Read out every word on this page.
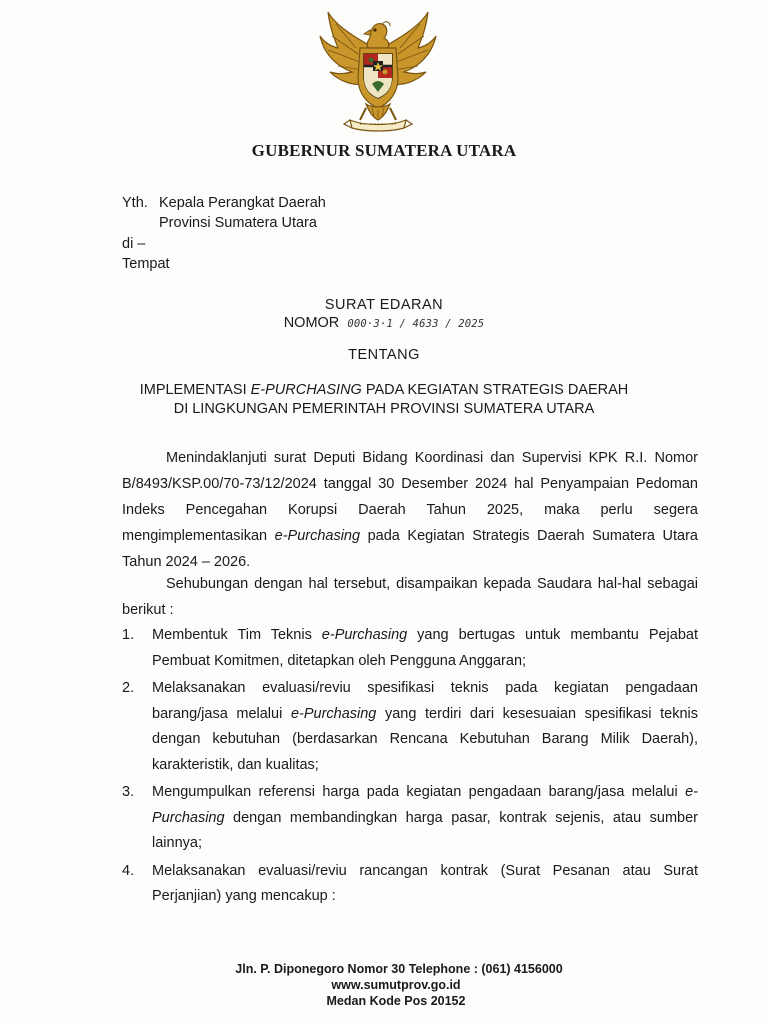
GUBERNUR SUMATERA UTARA
Yth. Kepala Perangkat Daerah
Provinsi Sumatera Utara
di –
Tempat
SURAT EDARAN
NOMOR 000·3·1 / 4633 / 2025
TENTANG
IMPLEMENTASI E-PURCHASING PADA KEGIATAN STRATEGIS DAERAH
DI LINGKUNGAN PEMERINTAH PROVINSI SUMATERA UTARA
Menindaklanjuti surat Deputi Bidang Koordinasi dan Supervisi KPK R.I. Nomor B/8493/KSP.00/70-73/12/2024 tanggal 30 Desember 2024 hal Penyampaian Pedoman Indeks Pencegahan Korupsi Daerah Tahun 2025, maka perlu segera mengimplementasikan e-Purchasing pada Kegiatan Strategis Daerah Sumatera Utara Tahun 2024 – 2026.
Sehubungan dengan hal tersebut, disampaikan kepada Saudara hal-hal sebagai berikut :
1.	Membentuk Tim Teknis e-Purchasing yang bertugas untuk membantu Pejabat Pembuat Komitmen, ditetapkan oleh Pengguna Anggaran;
2.	Melaksanakan evaluasi/reviu spesifikasi teknis pada kegiatan pengadaan barang/jasa melalui e-Purchasing yang terdiri dari kesesuaian spesifikasi teknis dengan kebutuhan (berdasarkan Rencana Kebutuhan Barang Milik Daerah), karakteristik, dan kualitas;
3.	Mengumpulkan referensi harga pada kegiatan pengadaan barang/jasa melalui e-Purchasing dengan membandingkan harga pasar, kontrak sejenis, atau sumber lainnya;
4.	Melaksanakan evaluasi/reviu rancangan kontrak (Surat Pesanan atau Surat Perjanjian) yang mencakup :
Jln. P. Diponegoro Nomor 30 Telephone : (061) 4156000
www.sumutprov.go.id
Medan Kode Pos 20152
